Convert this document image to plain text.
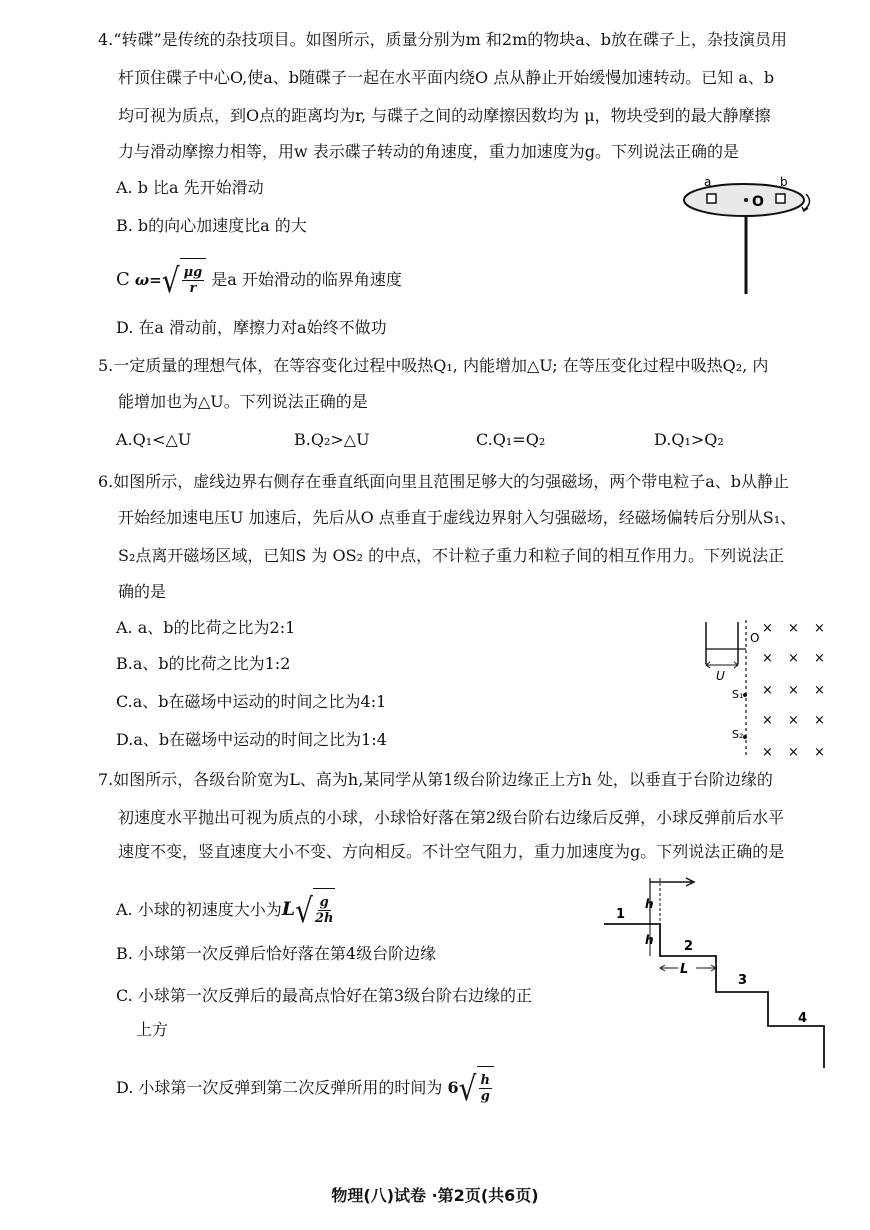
4.“转碟”是传统的杂技项目。如图所示，质量分别为m 和2m的物块a、b放在碟子上，杂技演员用
杆顶住碟子中心O,使a、b随碟子一起在水平面内绕O 点从静止开始缓慢加速转动。已知 a、b
均可视为质点，到O点的距离均为r, 与碟子之间的动摩擦因数均为 μ，物块受到的最大静摩擦
力与滑动摩擦力相等，用w 表示碟子转动的角速度，重力加速度为g。下列说法正确的是
A. b 比a 先开始滑动
B. b的向心加速度比a 的大
C $\omega=√ \frac{\mu g}{r}$ 是a 开始滑动的临界角速度
D. 在a 滑动前，摩擦力对a始终不做功
a	b
O
5.一定质量的理想气体，在等容变化过程中吸热Q₁, 内能增加△U; 在等压变化过程中吸热Q₂, 内
能增加也为△U。下列说法正确的是
A.Q₁<△U	B.Q₂>△U	C.Q₁=Q₂	D.Q₁>Q₂
6.如图所示，虚线边界右侧存在垂直纸面向里且范围足够大的匀强磁场，两个带电粒子a、b从静止
开始经加速电压U 加速后，先后从O 点垂直于虚线边界射入匀强磁场，经磁场偏转后分别从S₁、
S₂点离开磁场区域，已知S 为 OS₂ 的中点，不计粒子重力和粒子间的相互作用力。下列说法正
确的是
A. a、b的比荷之比为2:1
B.a、b的比荷之比为1:2
C.a、b在磁场中运动的时间之比为4:1
D.a、b在磁场中运动的时间之比为1:4
U
O
S₁
S₂
× × ×
× × ×
× × ×
× × ×
× × ×
7.如图所示，各级台阶宽为L、高为h,某同学从第1级台阶边缘正上方h 处，以垂直于台阶边缘的
初速度水平抛出可视为质点的小球，小球恰好落在第2级台阶右边缘后反弹，小球反弹前后水平
速度不变，竖直速度大小不变、方向相反。不计空气阻力，重力加速度为g。下列说法正确的是
A. 小球的初速度大小为$L√ \frac{g}{2h}$
B. 小球第一次反弹后恰好落在第4级台阶边缘
C. 小球第一次反弹后的最高点恰好在第3级台阶右边缘的正
上方
D. 小球第一次反弹到第二次反弹所用的时间为 $6√ \frac{h}{g}$
h
h
L
1
2
3
4
物理(八)试卷 ·第2页(共6页)
